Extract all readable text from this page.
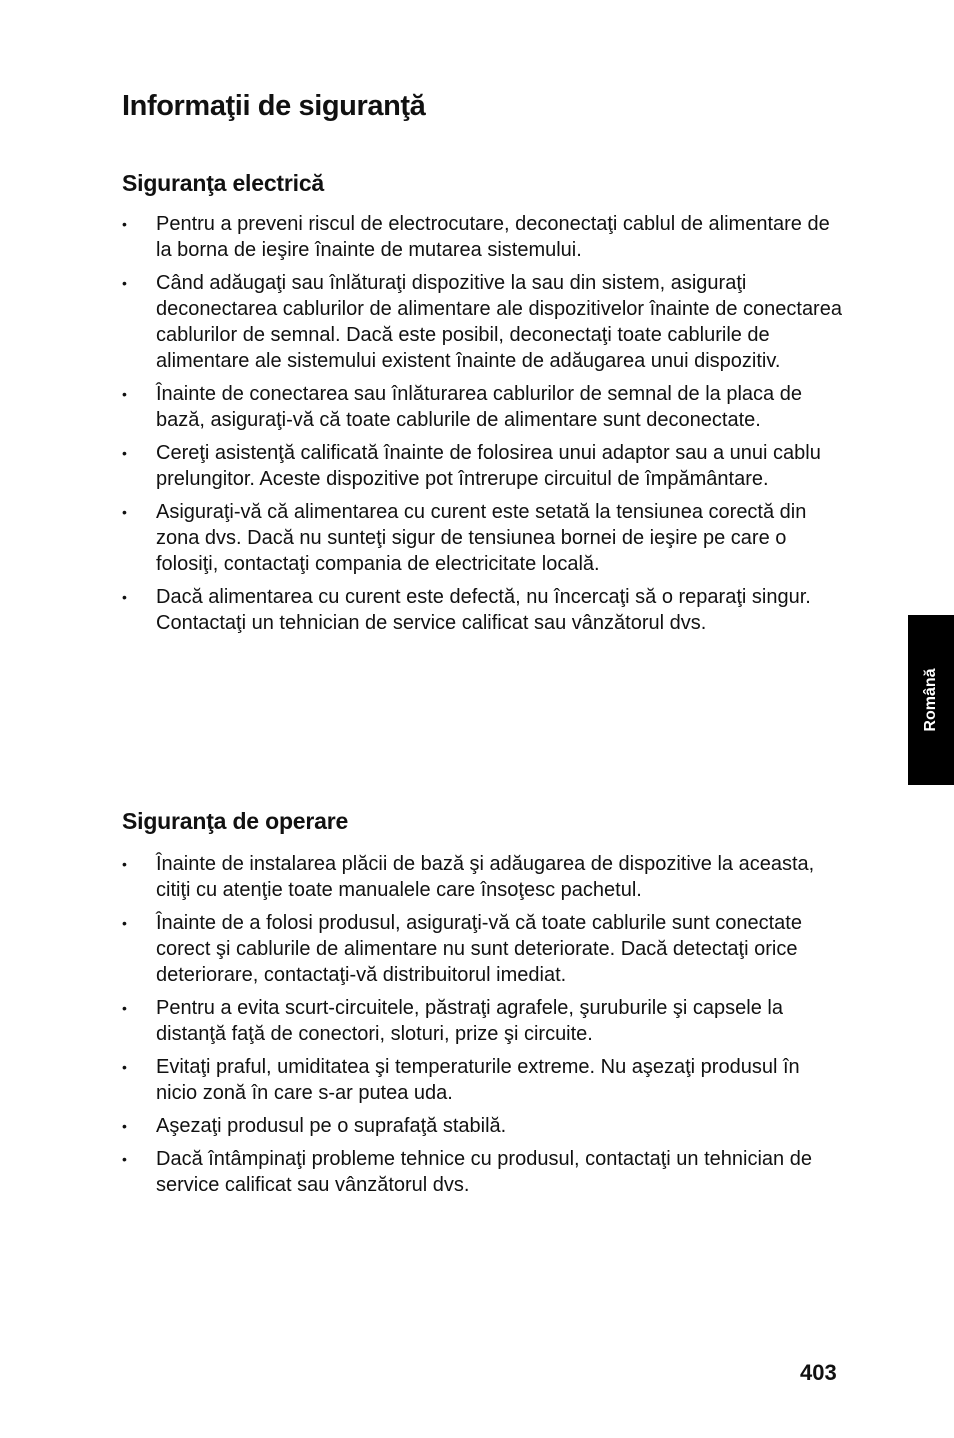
Informaţii de siguranţă
Siguranţa electrică
• Pentru a preveni riscul de electrocutare, deconectaţi cablul de alimentare de la borna de ieşire înainte de mutarea sistemului.
• Când adăugaţi sau înlăturaţi dispozitive la sau din sistem, asiguraţi deconectarea cablurilor de alimentare ale dispozitivelor înainte de conectarea cablurilor de semnal. Dacă este posibil, deconectaţi toate cablurile de alimentare ale sistemului existent înainte de adăugarea unui dispozitiv.
• Înainte de conectarea sau înlăturarea cablurilor de semnal de la placa de bază, asiguraţi-vă că toate cablurile de alimentare sunt deconectate.
• Cereţi asistenţă calificată înainte de folosirea unui adaptor sau a unui cablu prelungitor. Aceste dispozitive pot întrerupe circuitul de împământare.
• Asiguraţi-vă că alimentarea cu curent este setată la tensiunea corectă din zona dvs. Dacă nu sunteţi sigur de tensiunea bornei de ieşire pe care o folosiţi, contactaţi compania de electricitate locală.
• Dacă alimentarea cu curent este defectă, nu încercaţi să o reparaţi singur. Contactaţi un tehnician de service calificat sau vânzătorul dvs.
Siguranţa de operare
• Înainte de instalarea plăcii de bază şi adăugarea de dispozitive la aceasta, citiţi cu atenţie toate manualele care însoţesc pachetul.
• Înainte de a folosi produsul, asiguraţi-vă că toate cablurile sunt conectate corect şi cablurile de alimentare nu sunt deteriorate. Dacă detectaţi orice deteriorare, contactaţi-vă distribuitorul imediat.
• Pentru a evita scurt-circuitele, păstraţi agrafele, şuruburile şi capsele la distanţă faţă de conectori, sloturi, prize şi circuite.
• Evitaţi praful, umiditatea şi temperaturile extreme. Nu aşezaţi produsul în nicio zonă în care s-ar putea uda.
• Aşezaţi produsul pe o suprafaţă stabilă.
• Dacă întâmpinaţi probleme tehnice cu produsul, contactaţi un tehnician de service calificat sau vânzătorul dvs.
Română
403
